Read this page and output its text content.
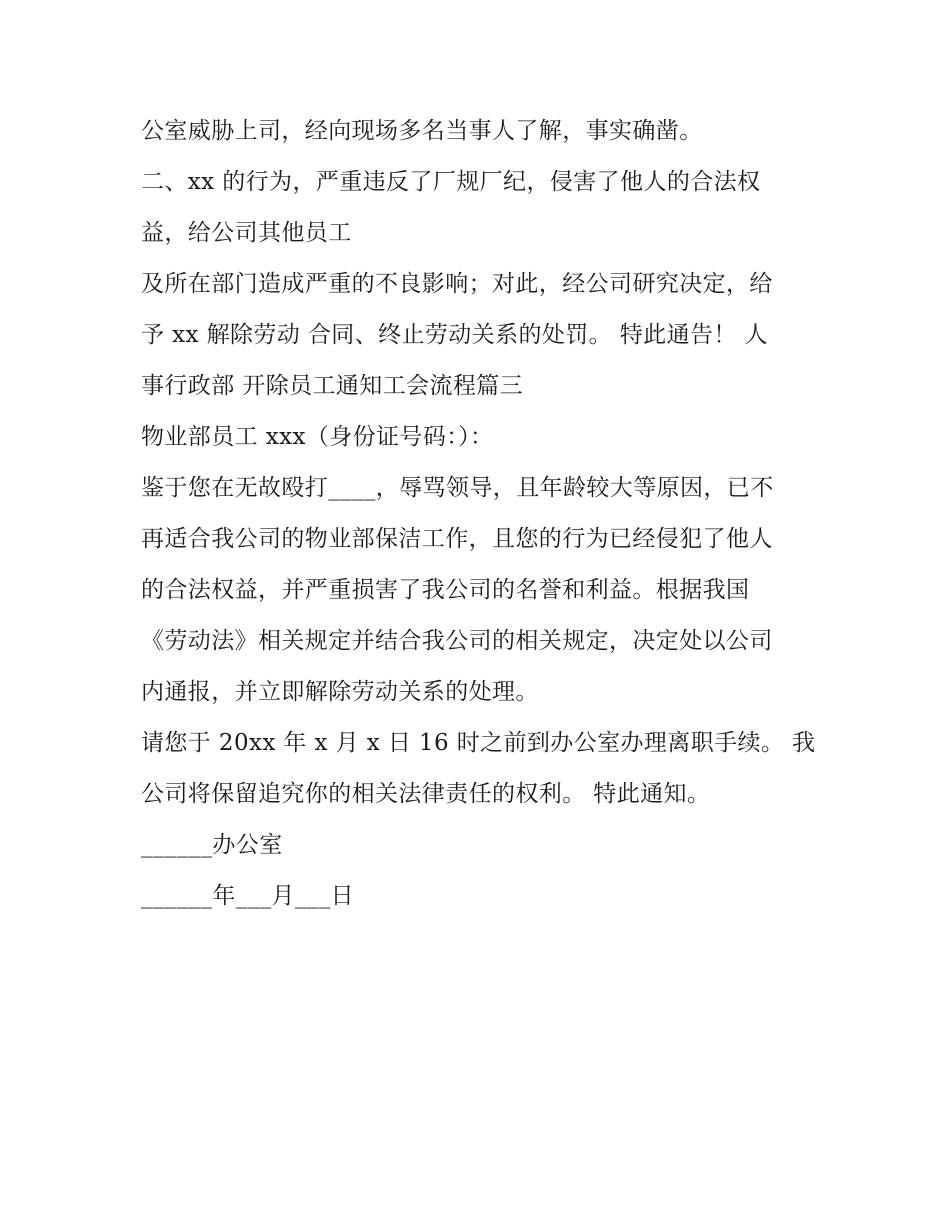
公室威胁上司，经向现场多名当事人了解，事实确凿。
二、xx 的行为，严重违反了厂规厂纪，侵害了他人的合法权
益，给公司其他员工
及所在部门造成严重的不良影响；对此，经公司研究决定，给
予 xx 解除劳动 合同、终止劳动关系的处罚。 特此通告！ 人
事行政部 开除员工通知工会流程篇三
物业部员工 xxx（身份证号码：）：
鉴于您在无故殴打____，辱骂领导，且年龄较大等原因，已不
再适合我公司的物业部保洁工作，且您的行为已经侵犯了他人
的合法权益，并严重损害了我公司的名誉和利益。根据我国
《劳动法》相关规定并结合我公司的相关规定，决定处以公司
内通报，并立即解除劳动关系的处理。
请您于 20xx 年 x 月 x 日 16 时之前到办公室办理离职手续。 我
公司将保留追究你的相关法律责任的权利。 特此通知。
______办公室
______年___月___日
